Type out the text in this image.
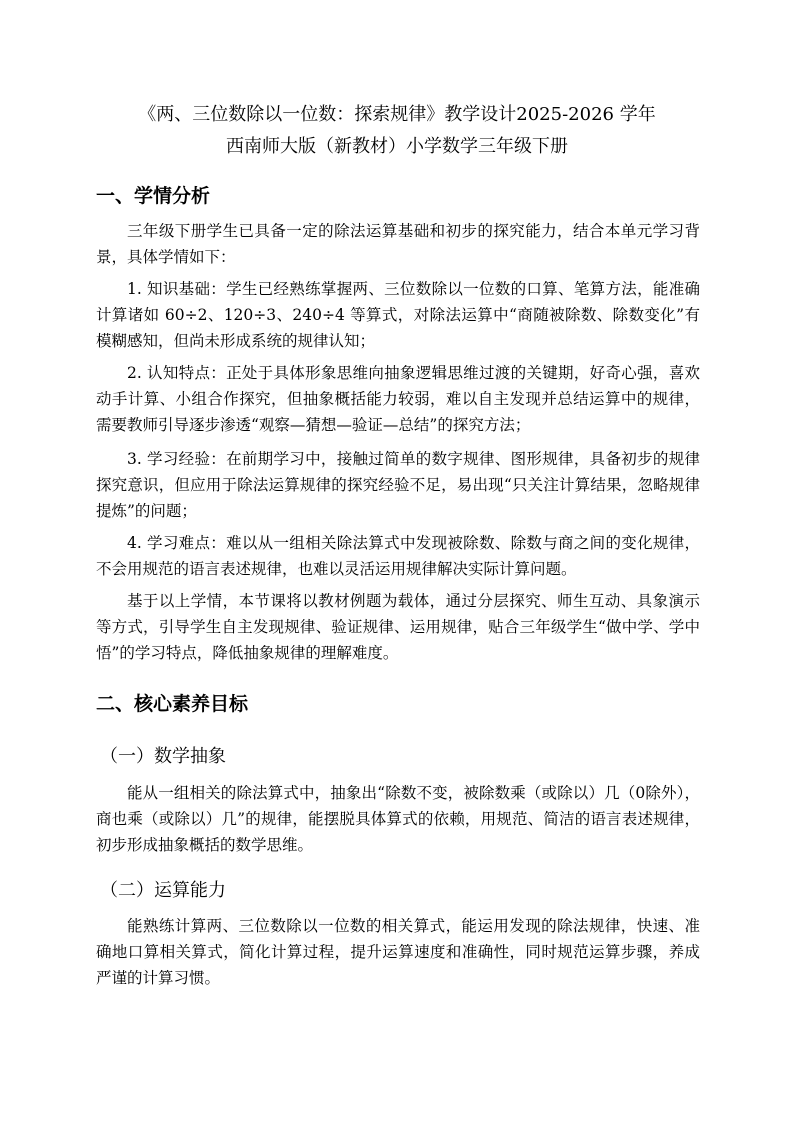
《两、三位数除以一位数：探索规律》教学设计2025-2026 学年
西南师大版（新教材）小学数学三年级下册
一、学情分析
三年级下册学生已具备一定的除法运算基础和初步的探究能力，结合本单元学习背景，具体学情如下：
1. 知识基础：学生已经熟练掌握两、三位数除以一位数的口算、笔算方法，能准确计算诸如 60÷2、120÷3、240÷4 等算式，对除法运算中“商随被除数、除数变化”有模糊感知，但尚未形成系统的规律认知；
2. 认知特点：正处于具体形象思维向抽象逻辑思维过渡的关键期，好奇心强，喜欢动手计算、小组合作探究，但抽象概括能力较弱，难以自主发现并总结运算中的规律，需要教师引导逐步渗透“观察—猜想—验证—总结”的探究方法；
3. 学习经验：在前期学习中，接触过简单的数字规律、图形规律，具备初步的规律探究意识，但应用于除法运算规律的探究经验不足，易出现“只关注计算结果，忽略规律提炼”的问题；
4. 学习难点：难以从一组相关除法算式中发现被除数、除数与商之间的变化规律，不会用规范的语言表述规律，也难以灵活运用规律解决实际计算问题。
基于以上学情，本节课将以教材例题为载体，通过分层探究、师生互动、具象演示等方式，引导学生自主发现规律、验证规律、运用规律，贴合三年级学生“做中学、学中悟”的学习特点，降低抽象规律的理解难度。
二、核心素养目标
（一）数学抽象
能从一组相关的除法算式中，抽象出“除数不变，被除数乘（或除以）几（0除外），商也乘（或除以）几”的规律，能摆脱具体算式的依赖，用规范、简洁的语言表述规律，初步形成抽象概括的数学思维。
（二）运算能力
能熟练计算两、三位数除以一位数的相关算式，能运用发现的除法规律，快速、准确地口算相关算式，简化计算过程，提升运算速度和准确性，同时规范运算步骤，养成严谨的计算习惯。
